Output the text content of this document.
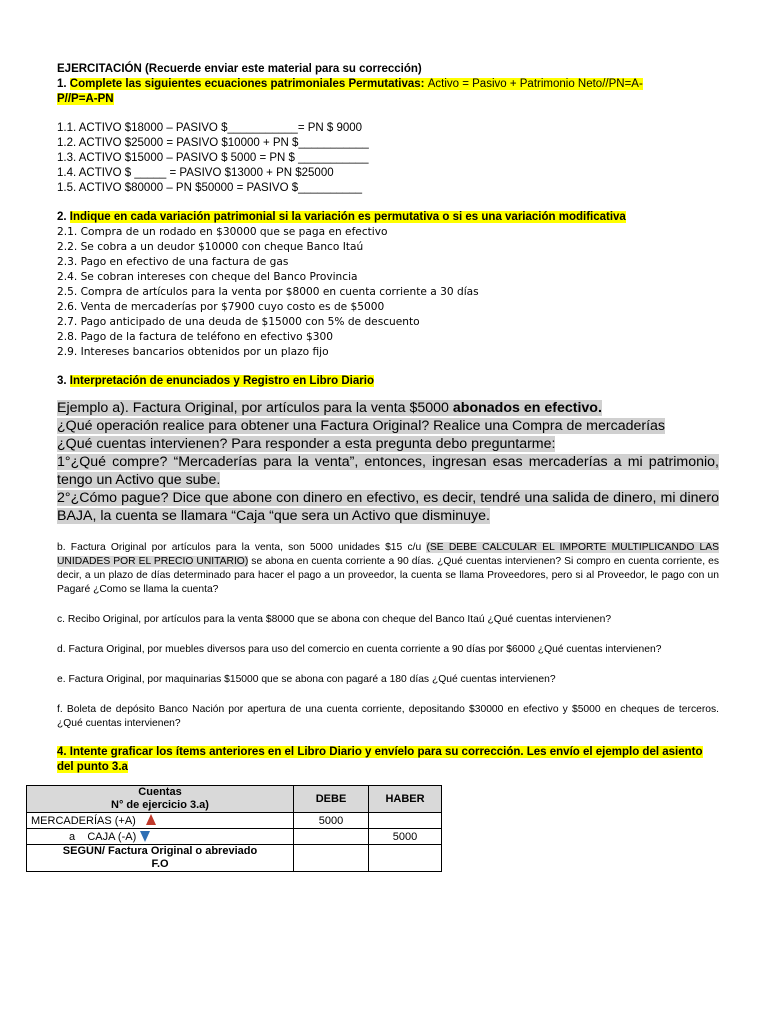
EJERCITACIÓN (Recuerde enviar este material para su corrección)
1. Complete las siguientes ecuaciones patrimoniales Permutativas: Activo = Pasivo + Patrimonio Neto//PN=A-
P//P=A-PN
1.1. ACTIVO $18000 – PASIVO $___________= PN $ 9000
1.2. ACTIVO $25000 = PASIVO $10000 + PN $___________
1.3. ACTIVO $15000 – PASIVO $ 5000 = PN $ ___________
1.4. ACTIVO $ _____ = PASIVO $13000 + PN $25000
1.5. ACTIVO $80000 – PN $50000 = PASIVO $__________
2. Indique en cada variación patrimonial si la variación es permutativa o si es una variación modificativa
2.1. Compra de un rodado en $30000 que se paga en efectivo
2.2. Se cobra a un deudor $10000 con cheque Banco Itaú
2.3. Pago en efectivo de una factura de gas
2.4. Se cobran intereses con cheque del Banco Provincia
2.5. Compra de artículos para la venta por $8000 en cuenta corriente a 30 días
2.6. Venta de mercaderías por $7900 cuyo costo es de $5000
2.7. Pago anticipado de una deuda de $15000 con 5% de descuento
2.8. Pago de la factura de teléfono en efectivo $300
2.9. Intereses bancarios obtenidos por un plazo fijo
3. Interpretación de enunciados y Registro en Libro Diario
Ejemplo a). Factura Original, por artículos para la venta $5000 abonados en efectivo.
¿Qué operación realice para obtener una Factura Original? Realice una Compra de mercaderías
¿Qué cuentas intervienen? Para responder a esta pregunta debo preguntarme:
1°¿Qué compre? “Mercaderías para la venta”, entonces, ingresan esas mercaderías a mi patrimonio, tengo un Activo que sube.
2°¿Cómo pague? Dice que abone con dinero en efectivo, es decir, tendré una salida de dinero, mi dinero BAJA, la cuenta se llamara “Caja “que sera un Activo que disminuye.
b. Factura Original por artículos para la venta, son 5000 unidades $15 c/u (SE DEBE CALCULAR EL IMPORTE MULTIPLICANDO LAS UNIDADES POR EL PRECIO UNITARIO) se abona en cuenta corriente a 90 días. ¿Qué cuentas intervienen? Si compro en cuenta corriente, es decir, a un plazo de días determinado para hacer el pago a un proveedor, la cuenta se llama Proveedores, pero si al Proveedor, le pago con un Pagaré ¿Como se llama la cuenta?
c. Recibo Original, por artículos para la venta $8000 que se abona con cheque del Banco Itaú ¿Qué cuentas intervienen?
d. Factura Original, por muebles diversos para uso del comercio en cuenta corriente a 90 días por $6000 ¿Qué cuentas intervienen?
e. Factura Original, por maquinarias $15000 que se abona con pagaré a 180 días ¿Qué cuentas intervienen?
f. Boleta de depósito Banco Nación por apertura de una cuenta corriente, depositando $30000 en efectivo y $5000 en cheques de terceros. ¿Qué cuentas intervienen?
4. Intente graficar los ítems anteriores en el Libro Diario y envíelo para su corrección. Les envío el ejemplo del asiento del punto 3.a
Cuentas
N° de ejercicio 3.a)	DEBE	HABER
MERCADERÍAS (+A)	5000	
a CAJA (-A)		5000

SEGÚN/ Factura Original o abreviado
F.O		
